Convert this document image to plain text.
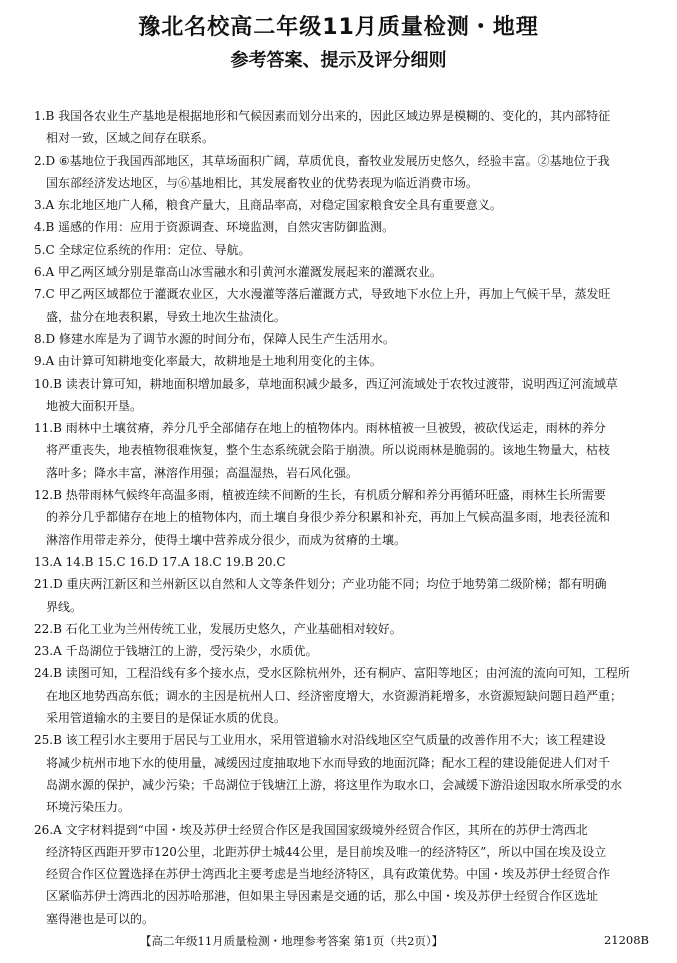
豫北名校高二年级11月质量检测・地理
参考答案、提示及评分细则
1.B 我国各农业生产基地是根据地形和气候因素而划分出来的，因此区域边界是模糊的、变化的，其内部特征
相对一致，区域之间存在联系。
2.D ⑥基地位于我国西部地区，其草场面积广阔，草质优良，畜牧业发展历史悠久，经验丰富。②基地位于我
国东部经济发达地区，与⑥基地相比，其发展畜牧业的优势表现为临近消费市场。
3.A 东北地区地广人稀，粮食产量大，且商品率高，对稳定国家粮食安全具有重要意义。
4.B 遥感的作用：应用于资源调查、环境监测，自然灾害防御监测。
5.C 全球定位系统的作用：定位、导航。
6.A 甲乙两区域分别是靠高山冰雪融水和引黄河水灌溉发展起来的灌溉农业。
7.C 甲乙两区域都位于灌溉农业区，大水漫灌等落后灌溉方式，导致地下水位上升，再加上气候干旱，蒸发旺
盛，盐分在地表积累，导致土地次生盐渍化。
8.D 修建水库是为了调节水源的时间分布，保障人民生产生活用水。
9.A 由计算可知耕地变化率最大，故耕地是土地利用变化的主体。
10.B 读表计算可知，耕地面积增加最多，草地面积减少最多，西辽河流域处于农牧过渡带，说明西辽河流域草
地被大面积开垦。
11.B 雨林中土壤贫瘠，养分几乎全部储存在地上的植物体内。雨林植被一旦被毁，被砍伐运走，雨林的养分
将严重丧失，地表植物很难恢复，整个生态系统就会陷于崩溃。所以说雨林是脆弱的。该地生物量大，枯枝
落叶多；降水丰富，淋溶作用强；高温湿热，岩石风化强。
12.B 热带雨林气候终年高温多雨，植被连续不间断的生长，有机质分解和养分再循环旺盛，雨林生长所需要
的养分几乎都储存在地上的植物体内，而土壤自身很少养分积累和补充，再加上气候高温多雨，地表径流和
淋溶作用带走养分，使得土壤中营养成分很少，而成为贫瘠的土壤。
13.A 14.B 15.C 16.D 17.A 18.C 19.B 20.C
21.D 重庆两江新区和兰州新区以自然和人文等条件划分；产业功能不同；均位于地势第二级阶梯；都有明确
界线。
22.B 石化工业为兰州传统工业，发展历史悠久，产业基础相对较好。
23.A 千岛湖位于钱塘江的上游，受污染少，水质优。
24.B 读图可知，工程沿线有多个接水点，受水区除杭州外，还有桐庐、富阳等地区；由河流的流向可知，工程所
在地区地势西高东低；调水的主因是杭州人口、经济密度增大，水资源消耗增多，水资源短缺问题日趋严重；
采用管道输水的主要目的是保证水质的优良。
25.B 该工程引水主要用于居民与工业用水，采用管道输水对沿线地区空气质量的改善作用不大；该工程建设
将减少杭州市地下水的使用量，减缓因过度抽取地下水而导致的地面沉降；配水工程的建设能促进人们对千
岛湖水源的保护，减少污染；千岛湖位于钱塘江上游，将这里作为取水口，会减缓下游沿途因取水所承受的水
环境污染压力。
26.A 文字材料提到“中国・埃及苏伊士经贸合作区是我国国家级境外经贸合作区，其所在的苏伊士湾西北
经济特区西距开罗市120公里，北距苏伊士城44公里，是目前埃及唯一的经济特区”，所以中国在埃及设立
经贸合作区位置选择在苏伊士湾西北主要考虑是当地经济特区，具有政策优势。中国・埃及苏伊士经贸合作
区紧临苏伊士湾西北的因苏哈那港，但如果主导因素是交通的话，那么中国・埃及苏伊士经贸合作区选址
塞得港也是可以的。
【高二年级11月质量检测・地理参考答案 第1页（共2页）】	21208B
